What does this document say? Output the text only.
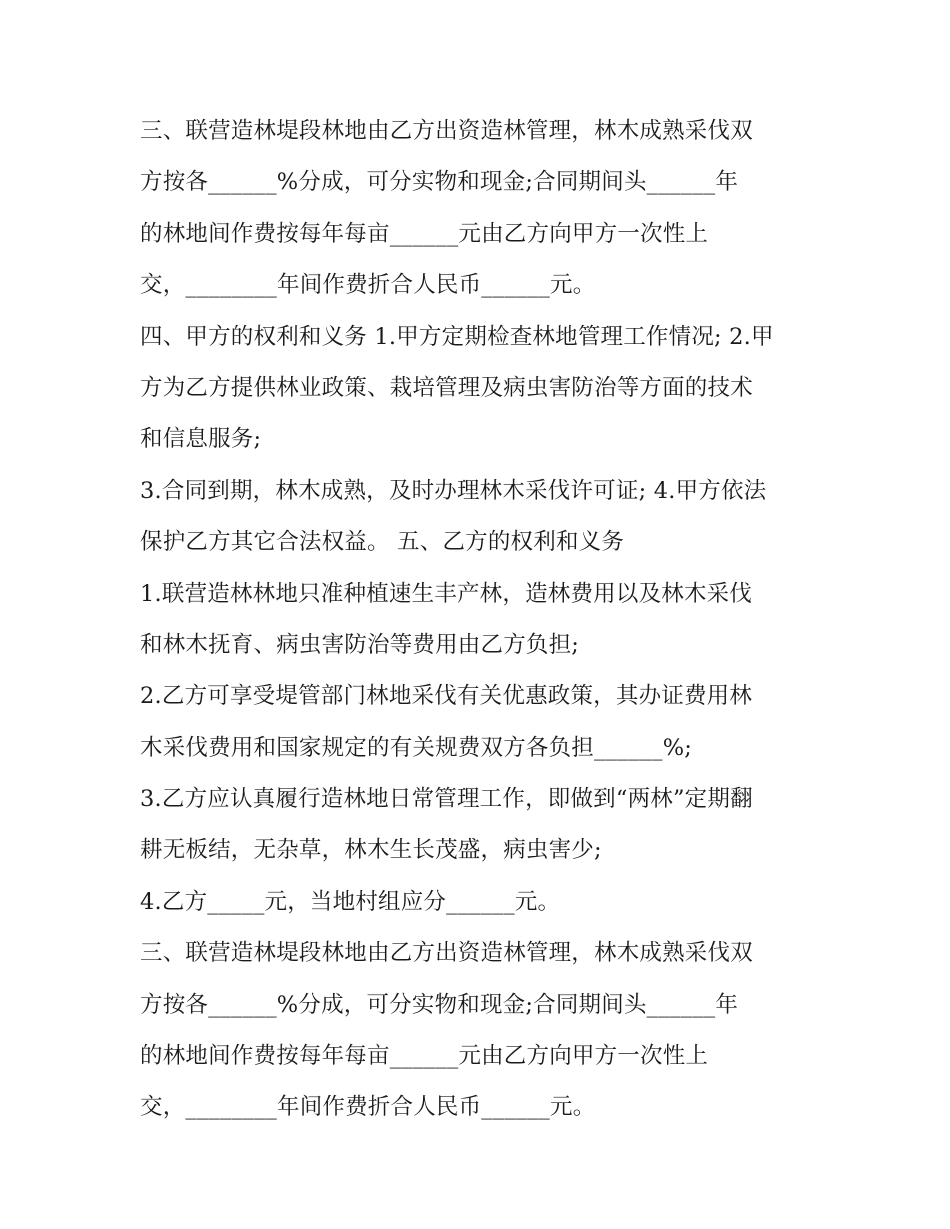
三、联营造林堤段林地由乙方出资造林管理，林木成熟采伐双
方按各______%分成，可分实物和现金;合同期间头______年
的林地间作费按每年每亩______元由乙方向甲方一次性上
交，________年间作费折合人民币______元。
四、甲方的权利和义务 1.甲方定期检查林地管理工作情况; 2.甲
方为乙方提供林业政策、栽培管理及病虫害防治等方面的技术
和信息服务;
3.合同到期，林木成熟，及时办理林木采伐许可证; 4.甲方依法
保护乙方其它合法权益。 五、乙方的权利和义务
1.联营造林林地只准种植速生丰产林，造林费用以及林木采伐
和林木抚育、病虫害防治等费用由乙方负担;
2.乙方可享受堤管部门林地采伐有关优惠政策，其办证费用林
木采伐费用和国家规定的有关规费双方各负担______%;
3.乙方应认真履行造林地日常管理工作，即做到“两林”定期翻
耕无板结，无杂草，林木生长茂盛，病虫害少;
4.乙方_____元，当地村组应分______元。
三、联营造林堤段林地由乙方出资造林管理，林木成熟采伐双
方按各______%分成，可分实物和现金;合同期间头______年
的林地间作费按每年每亩______元由乙方向甲方一次性上
交，________年间作费折合人民币______元。
